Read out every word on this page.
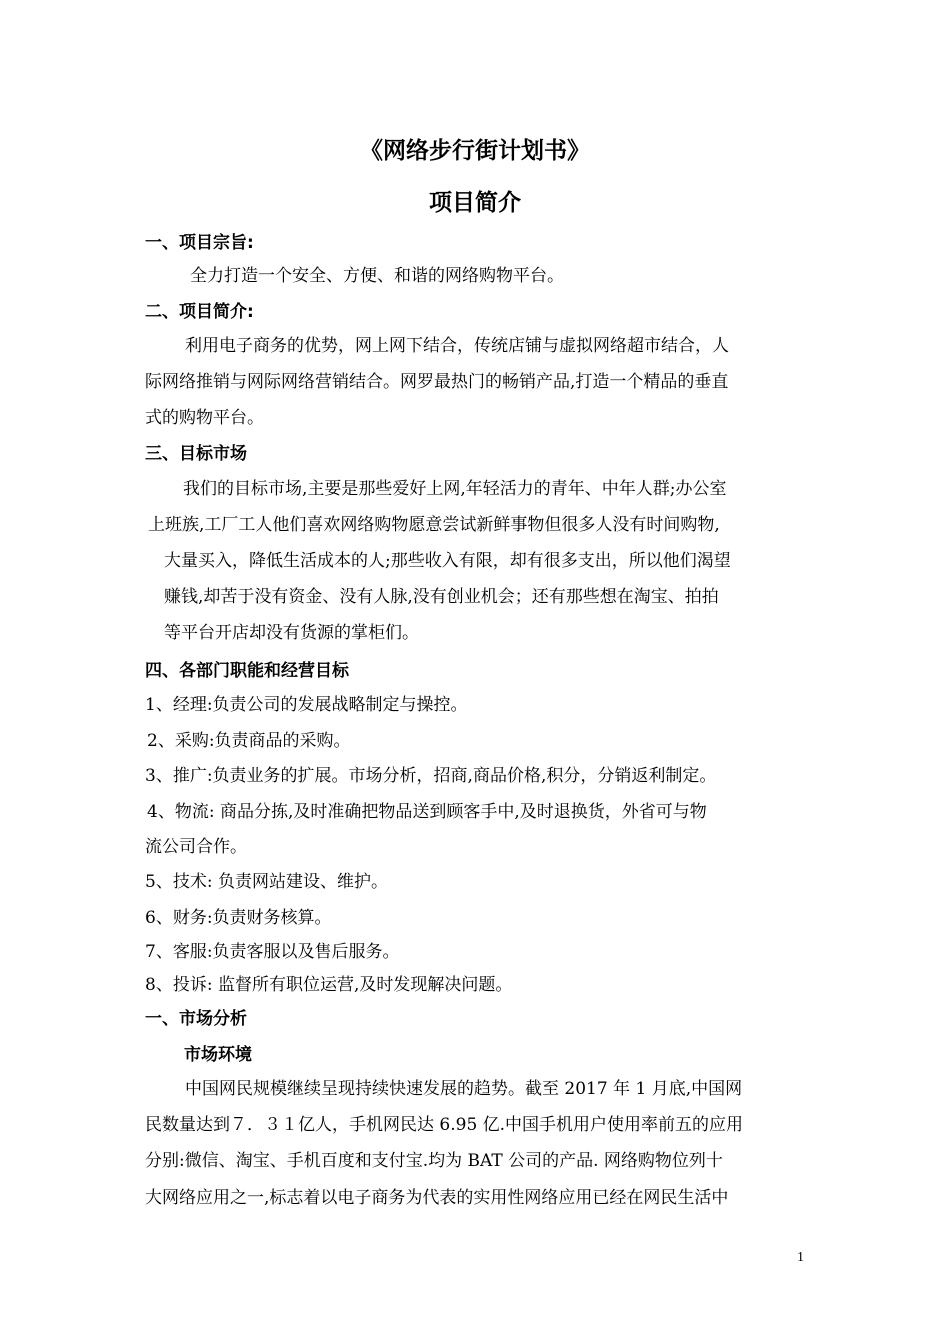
《网络步行街计划书》
项目简介
一、项目宗旨:
全力打造一个安全、方便、和谐的网络购物平台。
二、项目简介:
利用电子商务的优势，网上网下结合，传统店铺与虚拟网络超市结合，人
际网络推销与网际网络营销结合。网罗最热门的畅销产品,打造一个精品的垂直
式的购物平台。
三、目标市场
我们的目标市场,主要是那些爱好上网,年轻活力的青年、中年人群;办公室
上班族,工厂工人他们喜欢网络购物愿意尝试新鲜事物但很多人没有时间购物,
大量买入，降低生活成本的人;那些收入有限，却有很多支出，所以他们渴望
赚钱,却苦于没有资金、没有人脉,没有创业机会；还有那些想在淘宝、拍拍
等平台开店却没有货源的掌柜们。
四、各部门职能和经营目标
1、经理:负责公司的发展战略制定与操控。
2、采购:负责商品的采购。
3、推广:负责业务的扩展。市场分析，招商,商品价格,积分，分销返利制定。
4、物流: 商品分拣,及时准确把物品送到顾客手中,及时退换货，外省可与物
流公司合作。
5、技术: 负责网站建设、维护。
6、财务:负责财务核算。
7、客服:负责客服以及售后服务。
8、投诉: 监督所有职位运营,及时发现解决问题。
一、市场分析
市场环境
中国网民规模继续呈现持续快速发展的趋势。截至 2017 年 1 月底,中国网
民数量达到７．３１亿人，手机网民达 6.95 亿.中国手机用户使用率前五的应用
分别:微信、淘宝、手机百度和支付宝.均为 BAT 公司的产品. 网络购物位列十
大网络应用之一,标志着以电子商务为代表的实用性网络应用已经在网民生活中
1
